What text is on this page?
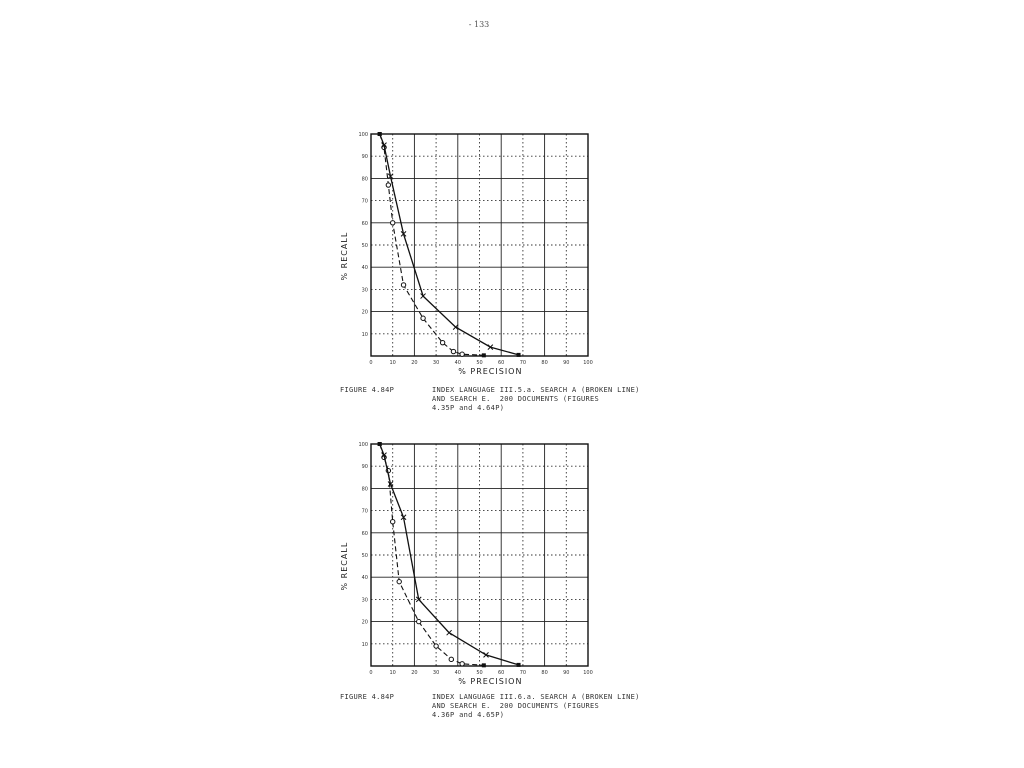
- 133
0	10	20	30	40	50	60	70	80	90	100
10
20
30
40
50
60
70
80
90
100
% PRECISION
% RECALL

FIGURE 4.84P

	INDEX LANGUAGE III.5.a. SEARCH A (BROKEN LINE)
AND SEARCH E.  200 DOCUMENTS (FIGURES
4.35P and 4.64P)

0	10	20	30	40	50	60	70	80	90	100
10
20
30
40
50
60
70
80
90
100
% PRECISION
% RECALL

FIGURE 4.84P

	INDEX LANGUAGE III.6.a. SEARCH A (BROKEN LINE)
AND SEARCH E.  200 DOCUMENTS (FIGURES
4.36P and 4.65P)
